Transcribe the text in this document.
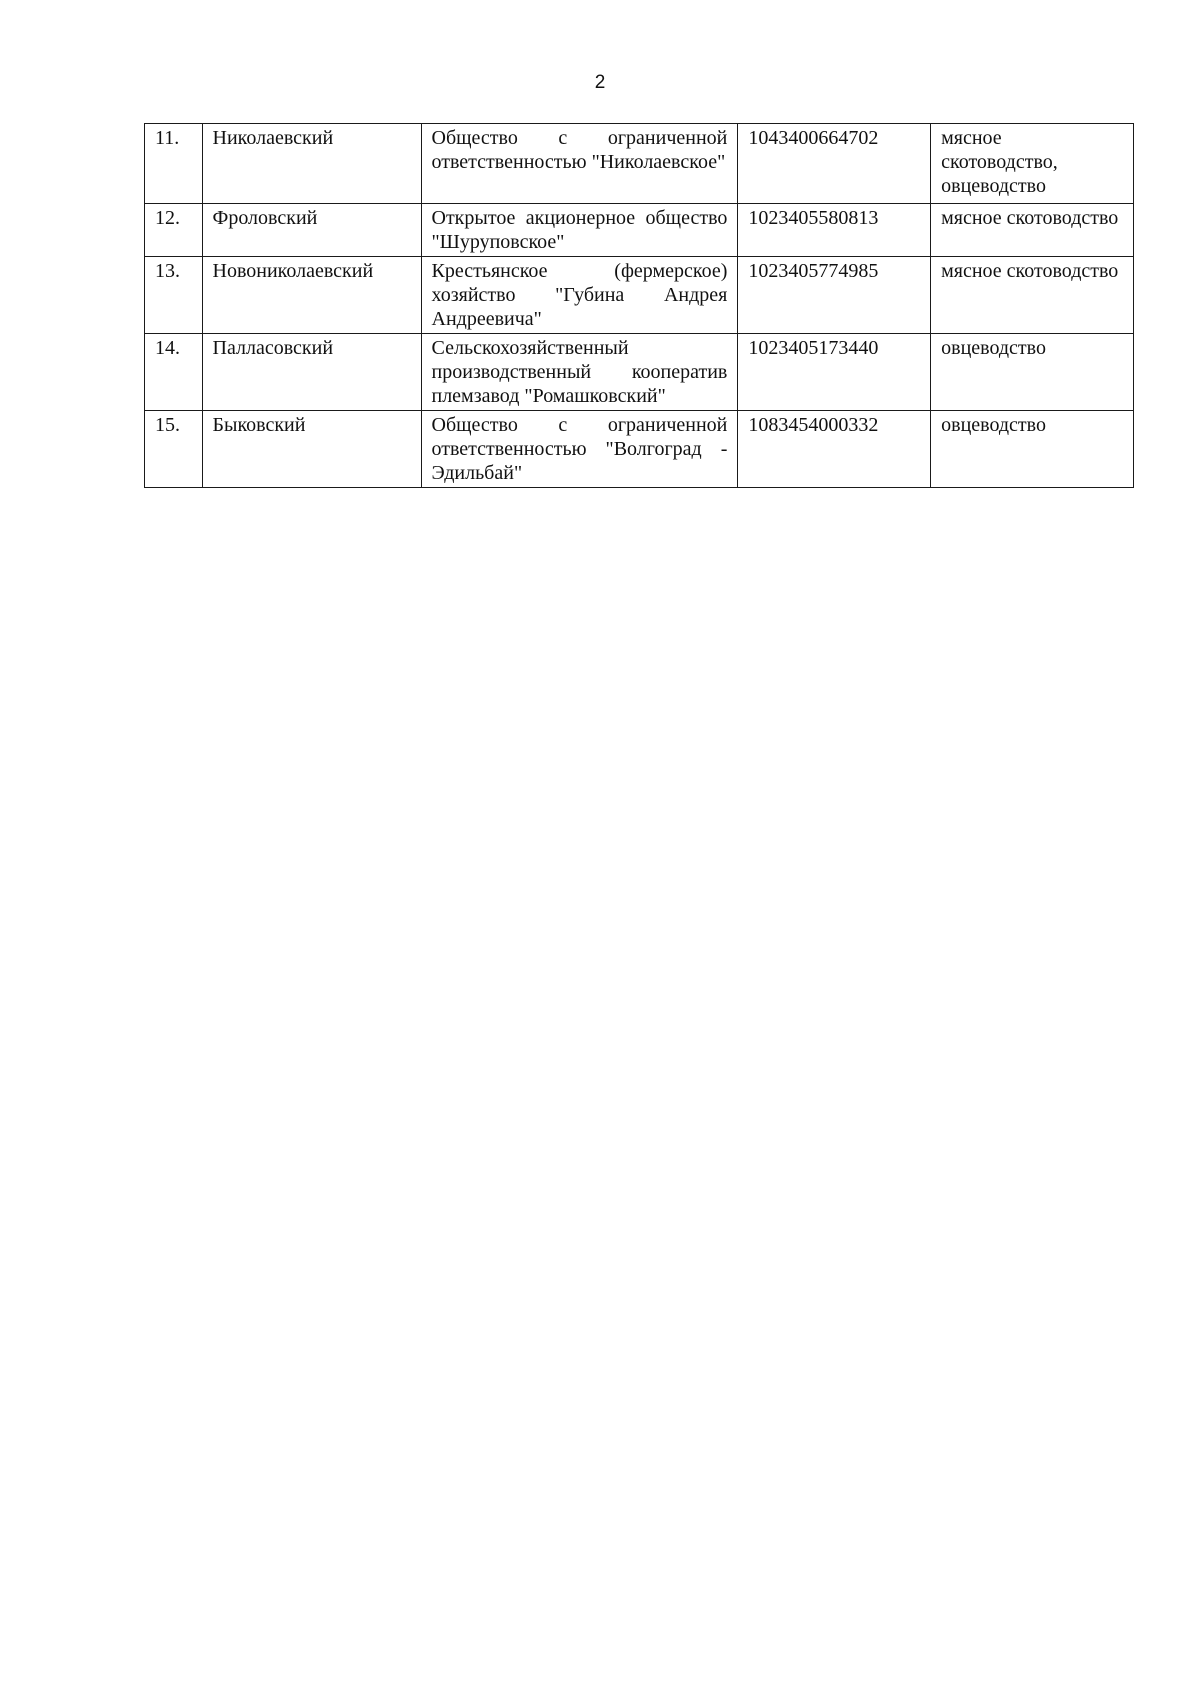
2
11.	Николаевский	Общество с ограниченной ответственностью "Николаевское"	1043400664702	мясное скотоводство, овцеводство
12.	Фроловский	Открытое акционерное общество "Шуруповское"	1023405580813	мясное скотоводство
13.	Новониколаевский	Крестьянское (фермерское) хозяйство "Губина Андрея Андреевича"	1023405774985	мясное скотоводство
14.	Палласовский	Сельскохозяйственный производственный кооператив племзавод "Ромашковский"	1023405173440	овцеводство
15.	Быковский	Общество с ограниченной ответственностью "Волгоград - Эдильбай"	1083454000332	овцеводство
